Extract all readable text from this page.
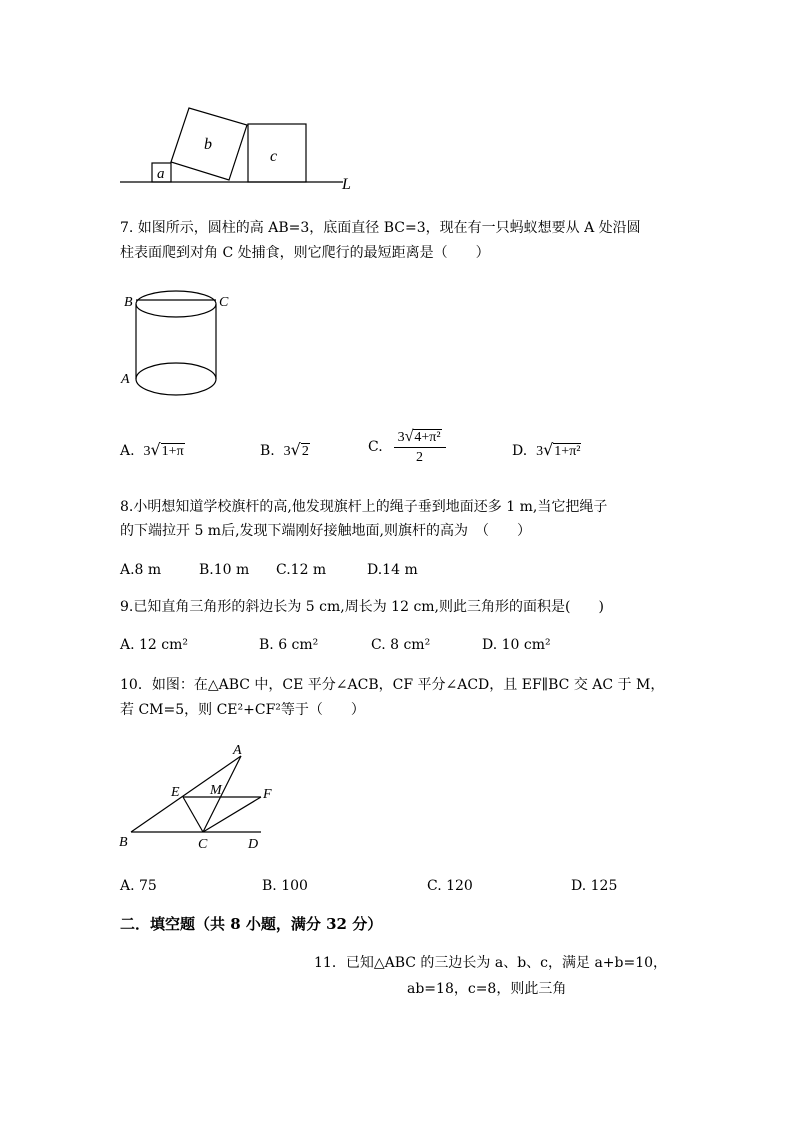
a
b
c
L
7. 如图所示，圆柱的高 AB=3，底面直径 BC=3，现在有一只蚂蚁想要从 A 处沿圆
柱表面爬到对角 C 处捕食，则它爬行的最短距离是（　　）
B	C
A
A. 3√1+π	B. 3√2	C. $\frac{\text{3√4+π²}}{2}$	D. 3√1+π²
8.小明想知道学校旗杆的高,他发现旗杆上的绳子垂到地面还多 1 m,当它把绳子
的下端拉开 5 m后,发现下端刚好接触地面,则旗杆的高为　（　　）
A.8 m	B.10 m C.12 m	D.14 m
9.已知直角三角形的斜边长为 5 cm,周长为 12 cm,则此三角形的面积是(　　)
A. 12 cm²	B. 6 cm²	C. 8 cm²	D. 10 cm²
10．如图：在△ABC 中，CE 平分∠ACB，CF 平分∠ACD，且 EF∥BC 交 AC 于 M，
若 CM=5，则 CE²+CF²等于（　　）
A
E M	F
B	C	D
A. 75	B. 100	C. 120	D. 125
二．填空题（共 8 小题，满分 32 分）
11．已知△ABC 的三边长为 a、b、c，满足 a+b=10，
ab=18，c=8，则此三角
